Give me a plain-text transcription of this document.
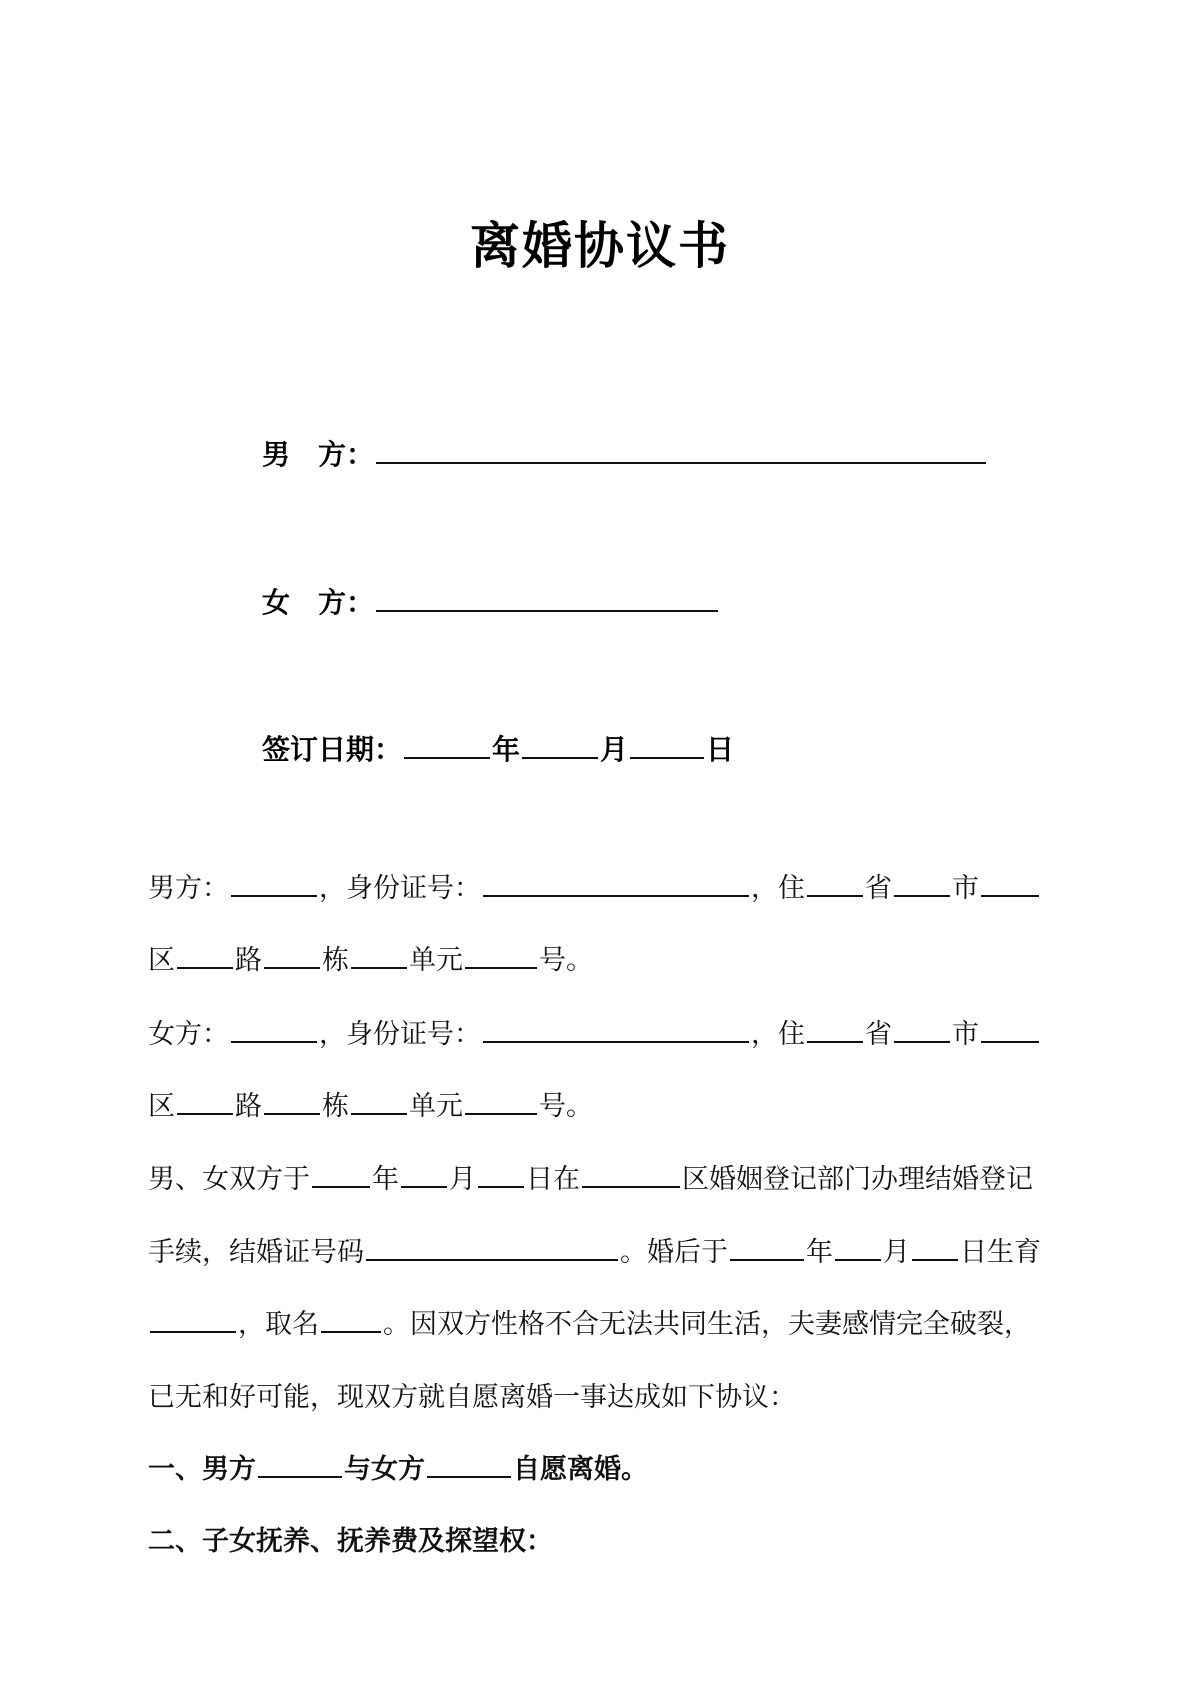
离婚协议书
男　方：
女　方：
签订日期：	年	月	日
男方：	，身份证号：	，住 省 市
区 路 栋 单元	号。
女方：	，身份证号：	，住 省 市
区 路 栋 单元	号。
男、女双方于 年 月 日在	区婚姻登记部门办理结婚登记
手续，结婚证号码	。婚后于	年 月 日生育
，取名 。因双方性格不合无法共同生活，夫妻感情完全破裂，
已无和好可能，现双方就自愿离婚一事达成如下协议：
一、男方	与女方	自愿离婚。
二、子女抚养、抚养费及探望权：
